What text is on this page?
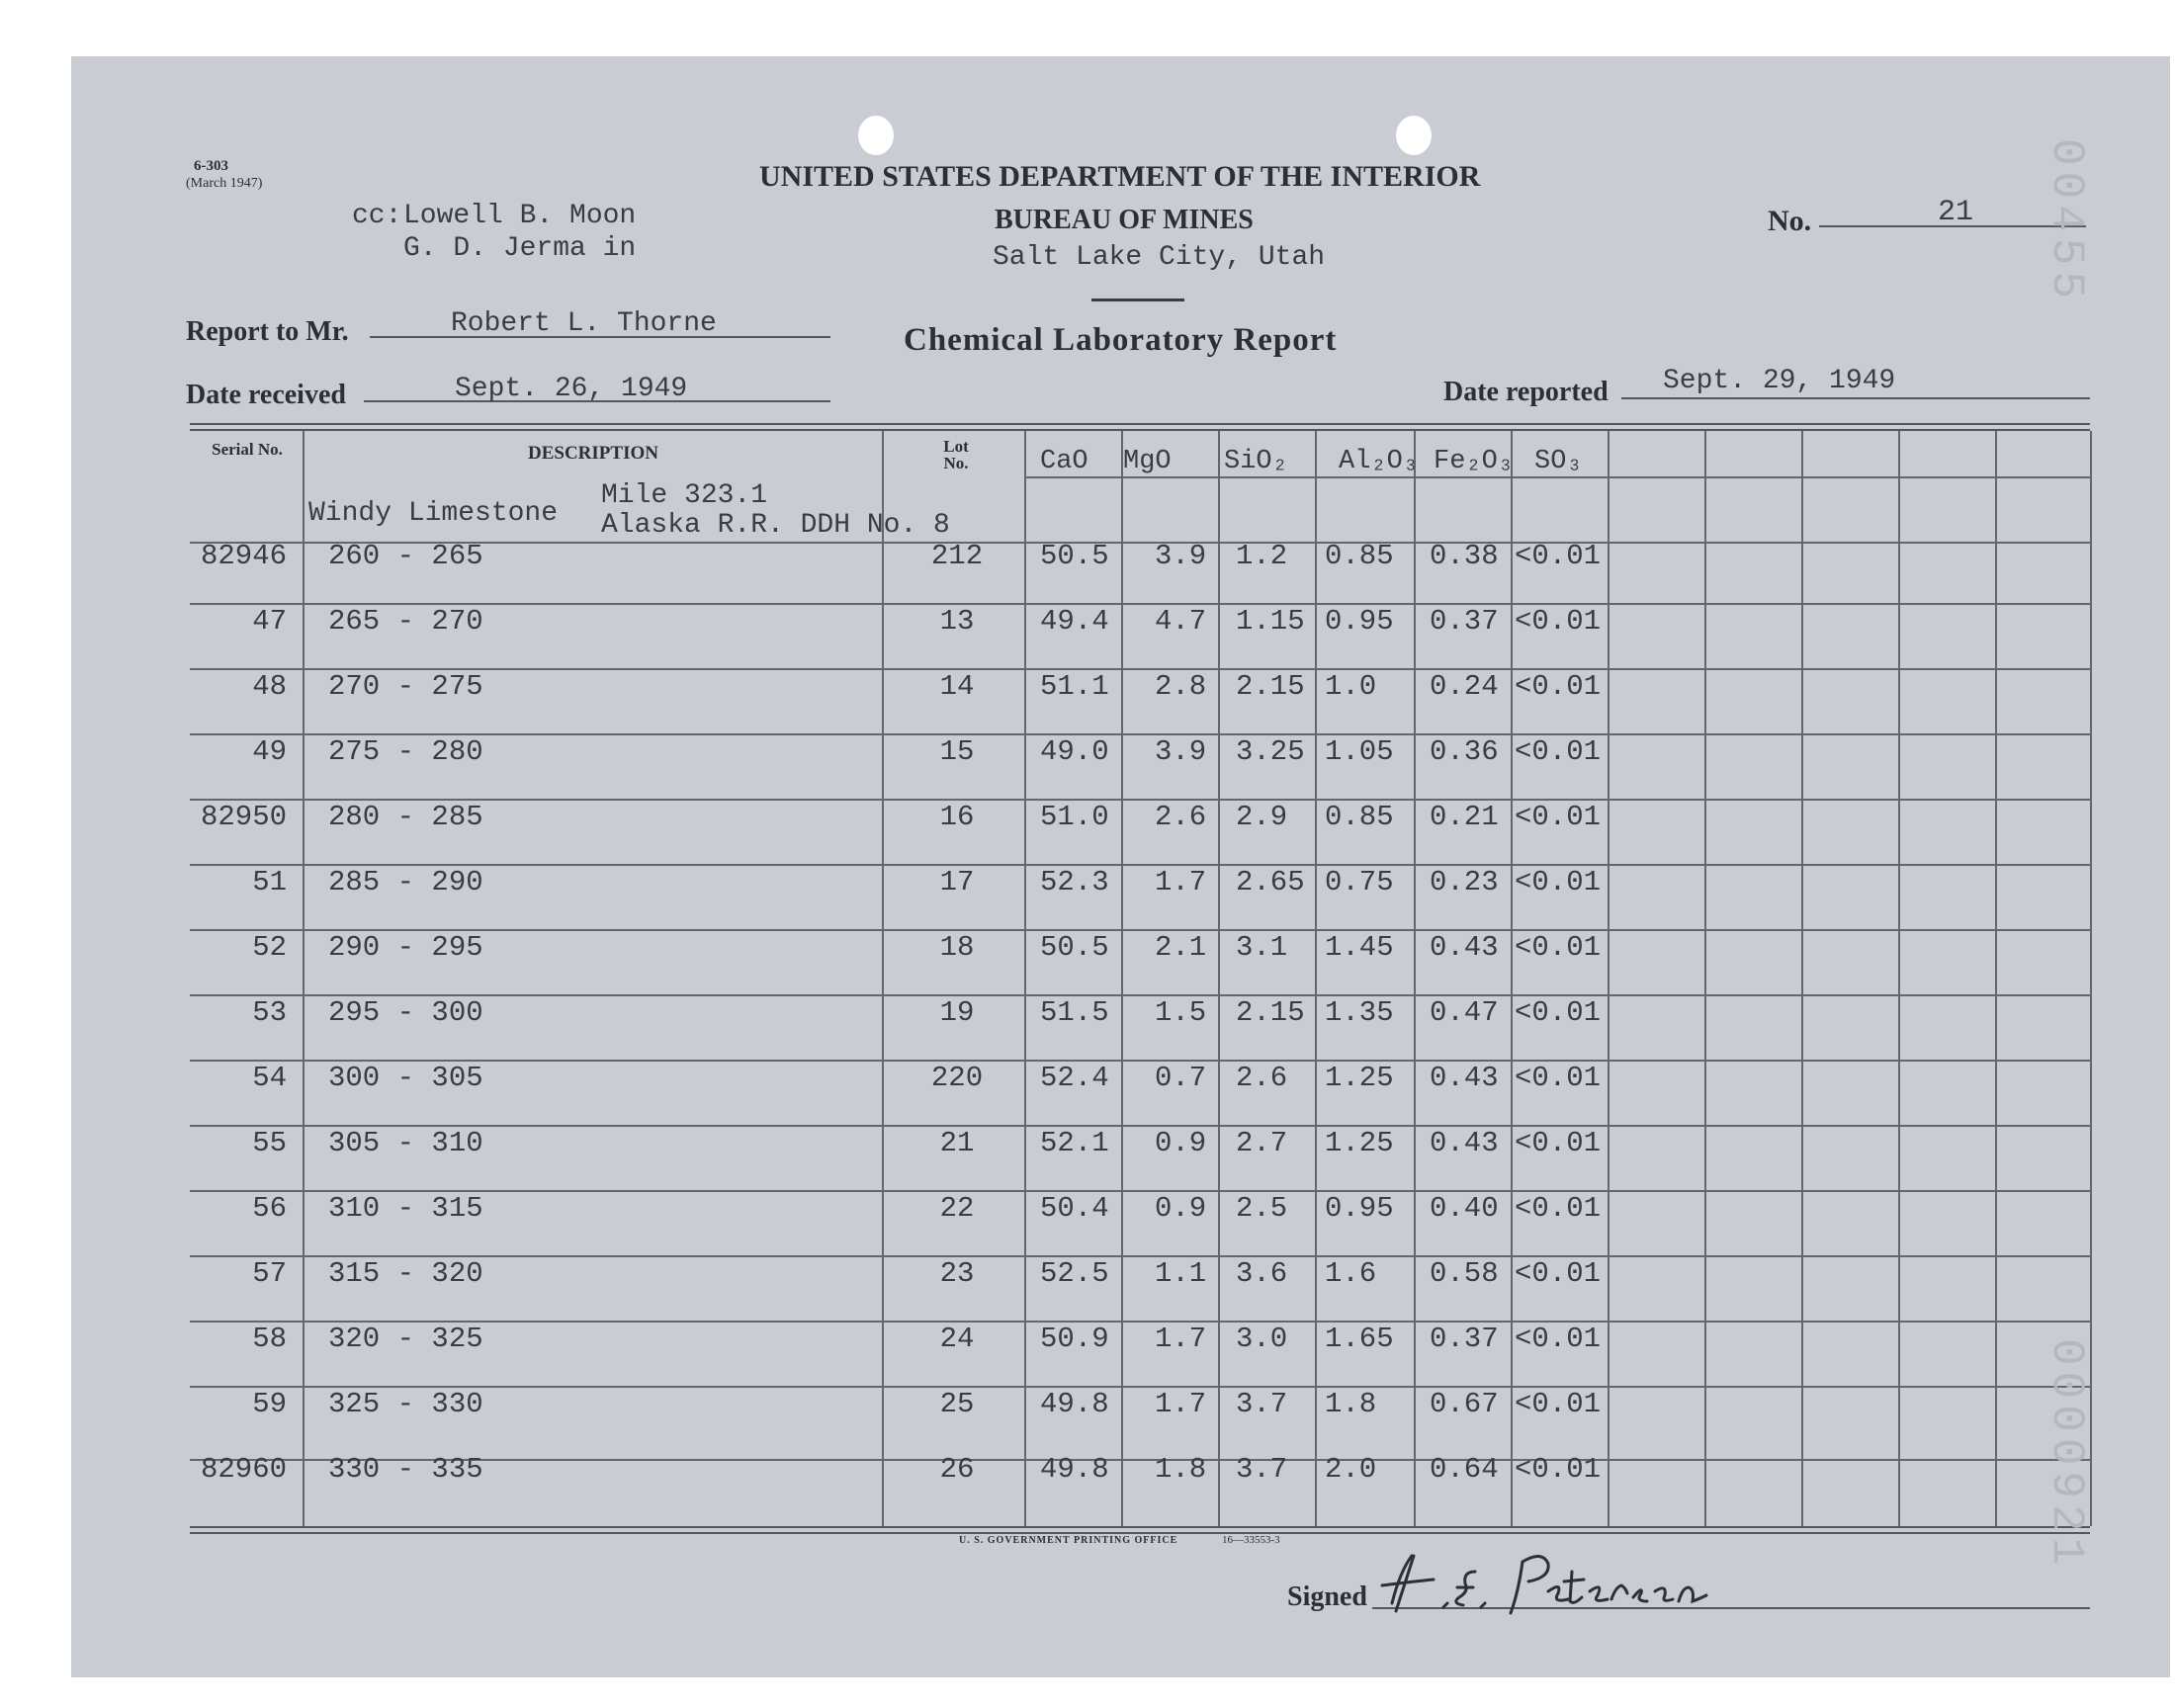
6-303
(March 1947)
cc: Lowell B. Moon
G. D. Jerma in
UNITED STATES DEPARTMENT OF THE INTERIOR
BUREAU OF MINES
Salt Lake City, Utah
Chemical Laboratory Report
No.	21
Report to Mr.	Robert L. Thorne
Date received	Sept. 26, 1949	Date reported Sept. 29, 1949
Serial No.	DESCRIPTION	Lot No.	CaO MgO SiO₂ Al₂O₃ Fe₂O₃ SO₃
Windy Limestone
Mile 323.1
Alaska R.R. DDH No. 8
82946 260 - 265	212	50.5 3.9 1.2 0.85 0.38 <0.01
47 265 - 270	13	49.4 4.7 1.15 0.95 0.37 <0.01
48 270 - 275	14	51.1 2.8 2.15 1.0 0.24 <0.01
49 275 - 280	15	49.0 3.9 3.25 1.05 0.36 <0.01
82950 280 - 285	16	51.0 2.6 2.9 0.85 0.21 <0.01
51 285 - 290	17	52.3 1.7 2.65 0.75 0.23 <0.01
52 290 - 295	18	50.5 2.1 3.1 1.45 0.43 <0.01
53 295 - 300	19	51.5 1.5 2.15 1.35 0.47 <0.01
54 300 - 305	220	52.4 0.7 2.6 1.25 0.43 <0.01
55 305 - 310	21	52.1 0.9 2.7 1.25 0.43 <0.01
56 310 - 315	22	50.4 0.9 2.5 0.95 0.40 <0.01
57 315 - 320	23	52.5 1.1 3.6 1.6 0.58 <0.01
58 320 - 325	24	50.9 1.7 3.0 1.65 0.37 <0.01
59 325 - 330	25	49.8 1.7 3.7 1.8 0.67 <0.01
82960 330 - 335	26	49.8 1.8 3.7 2.0 0.64 <0.01
U. S. GOVERNMENT PRINTING OFFICE	16—33553-3
Signed
H. E. Peterson
00455
0000921
